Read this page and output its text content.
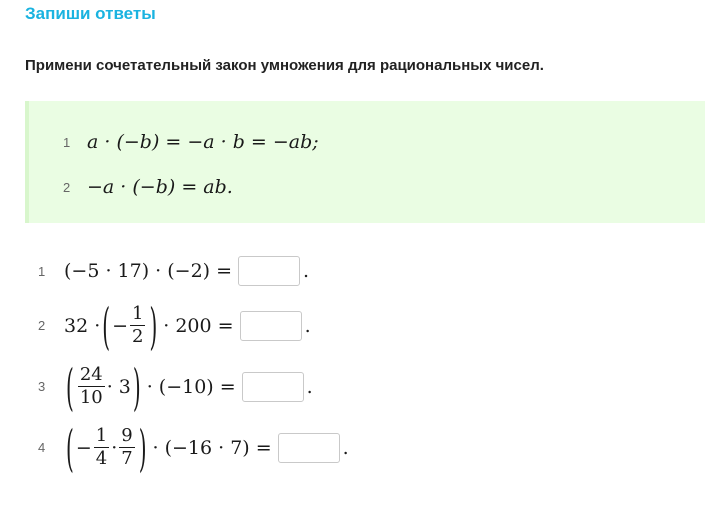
Запиши ответы
Примени сочетательный закон умножения для рациональных чисел.
1 a · (−b) = −a · b = −ab;
2 −a · (−b) = ab.
1 (−5 · 17) · (−2) =	.
2 32 · ( − $\frac{1}{2}$ ) · 200 =	.
3	( $\frac{24}{10} \cdot 3$ ) · (−10) =	.
4	( − $\frac{1}{4} \cdot \frac{9}{7}$ ) · (−16 · 7) =	.
